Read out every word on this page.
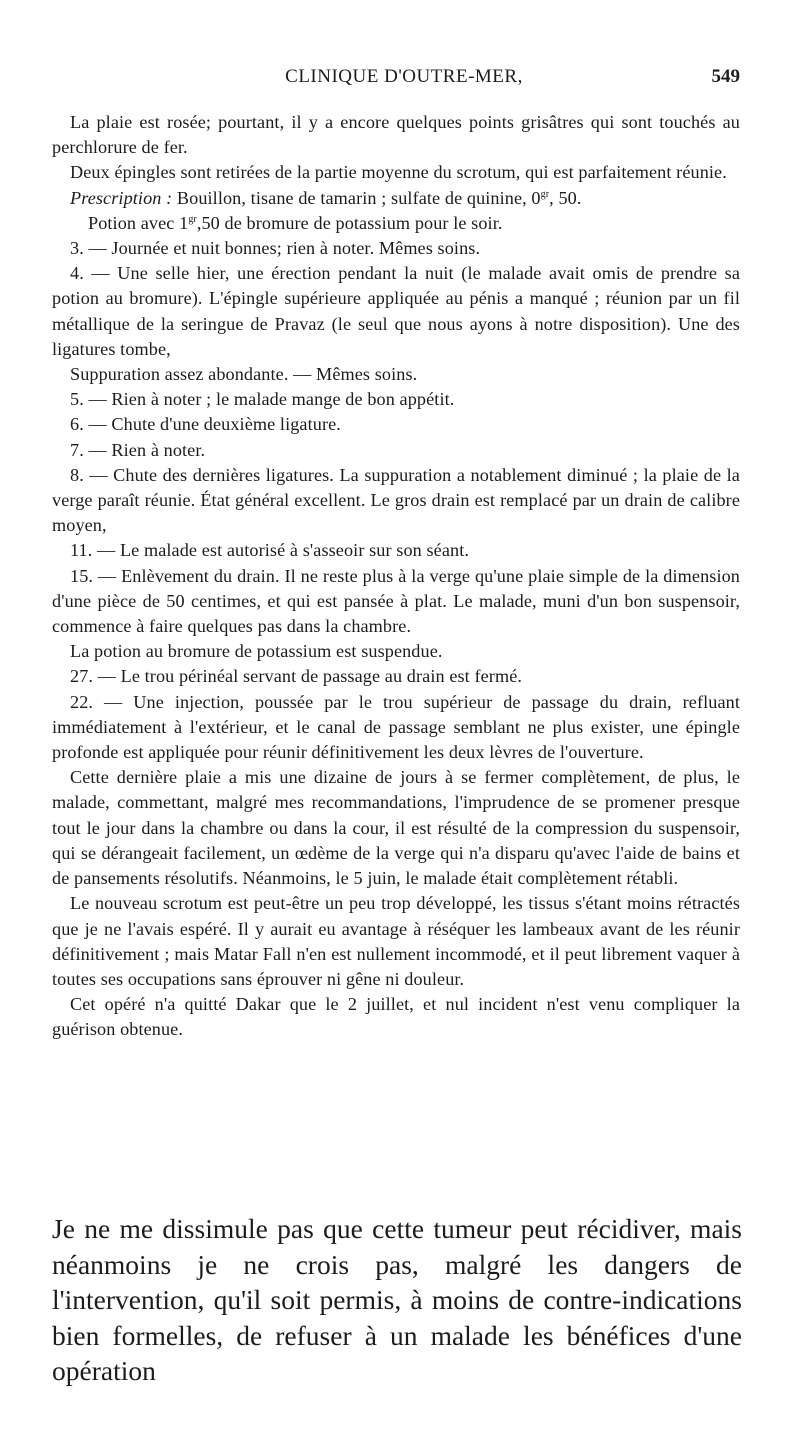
CLINIQUE D'OUTRE-MER,	549

La plaie est rosée; pourtant, il y a encore quelques points grisâtres qui sont touchés au perchlorure de fer.

Deux épingles sont retirées de la partie moyenne du scrotum, qui est parfaitement réunie.

Prescription : Bouillon, tisane de tamarin ; sulfate de quinine, $0^{gr}$, 50.

Potion avec $1^{gr},50$ de bromure de potassium pour le soir.

3. — Journée et nuit bonnes; rien à noter. Mêmes soins.

4. — Une selle hier, une érection pendant la nuit (le malade avait omis de prendre sa potion au bromure). L'épingle supérieure appliquée au pénis a manqué ; réunion par un fil métallique de la seringue de Pravaz (le seul que nous ayons à notre disposition). Une des ligatures tombe,

Suppuration assez abondante. — Mêmes soins.

5. — Rien à noter ; le malade mange de bon appétit.

6. — Chute d'une deuxième ligature.

7. — Rien à noter.

8. — Chute des dernières ligatures. La suppuration a notablement diminué ; la plaie de la verge paraît réunie. État général excellent. Le gros drain est remplacé par un drain de calibre moyen,

11. — Le malade est autorisé à s'asseoir sur son séant.

15. — Enlèvement du drain. Il ne reste plus à la verge qu'une plaie simple de la dimension d'une pièce de 50 centimes, et qui est pansée à plat. Le malade, muni d'un bon suspensoir, commence à faire quelques pas dans la chambre.

La potion au bromure de potassium est suspendue.

27. — Le trou périnéal servant de passage au drain est fermé.

22. — Une injection, poussée par le trou supérieur de passage du drain, refluant immédiatement à l'extérieur, et le canal de passage semblant ne plus exister, une épingle profonde est appliquée pour réunir définitivement les deux lèvres de l'ouverture.

Cette dernière plaie a mis une dizaine de jours à se fermer complètement, de plus, le malade, commettant, malgré mes recommandations, l'imprudence de se promener presque tout le jour dans la chambre ou dans la cour, il est résulté de la compression du suspensoir, qui se dérangeait facilement, un œdème de la verge qui n'a disparu qu'avec l'aide de bains et de pansements résolutifs. Néanmoins, le 5 juin, le malade était complètement rétabli.

Le nouveau scrotum est peut-être un peu trop développé, les tissus s'étant moins rétractés que je ne l'avais espéré. Il y aurait eu avantage à réséquer les lambeaux avant de les réunir définitivement ; mais Matar Fall n'en est nullement incommodé, et il peut librement vaquer à toutes ses occupations sans éprouver ni gêne ni douleur.

Cet opéré n'a quitté Dakar que le 2 juillet, et nul incident n'est venu compliquer la guérison obtenue.

Je ne me dissimule pas que cette tumeur peut récidiver, mais néanmoins je ne crois pas, malgré les dangers de l'intervention, qu'il soit permis, à moins de contre-indications bien formelles, de refuser à un malade les bénéfices d'une opération
